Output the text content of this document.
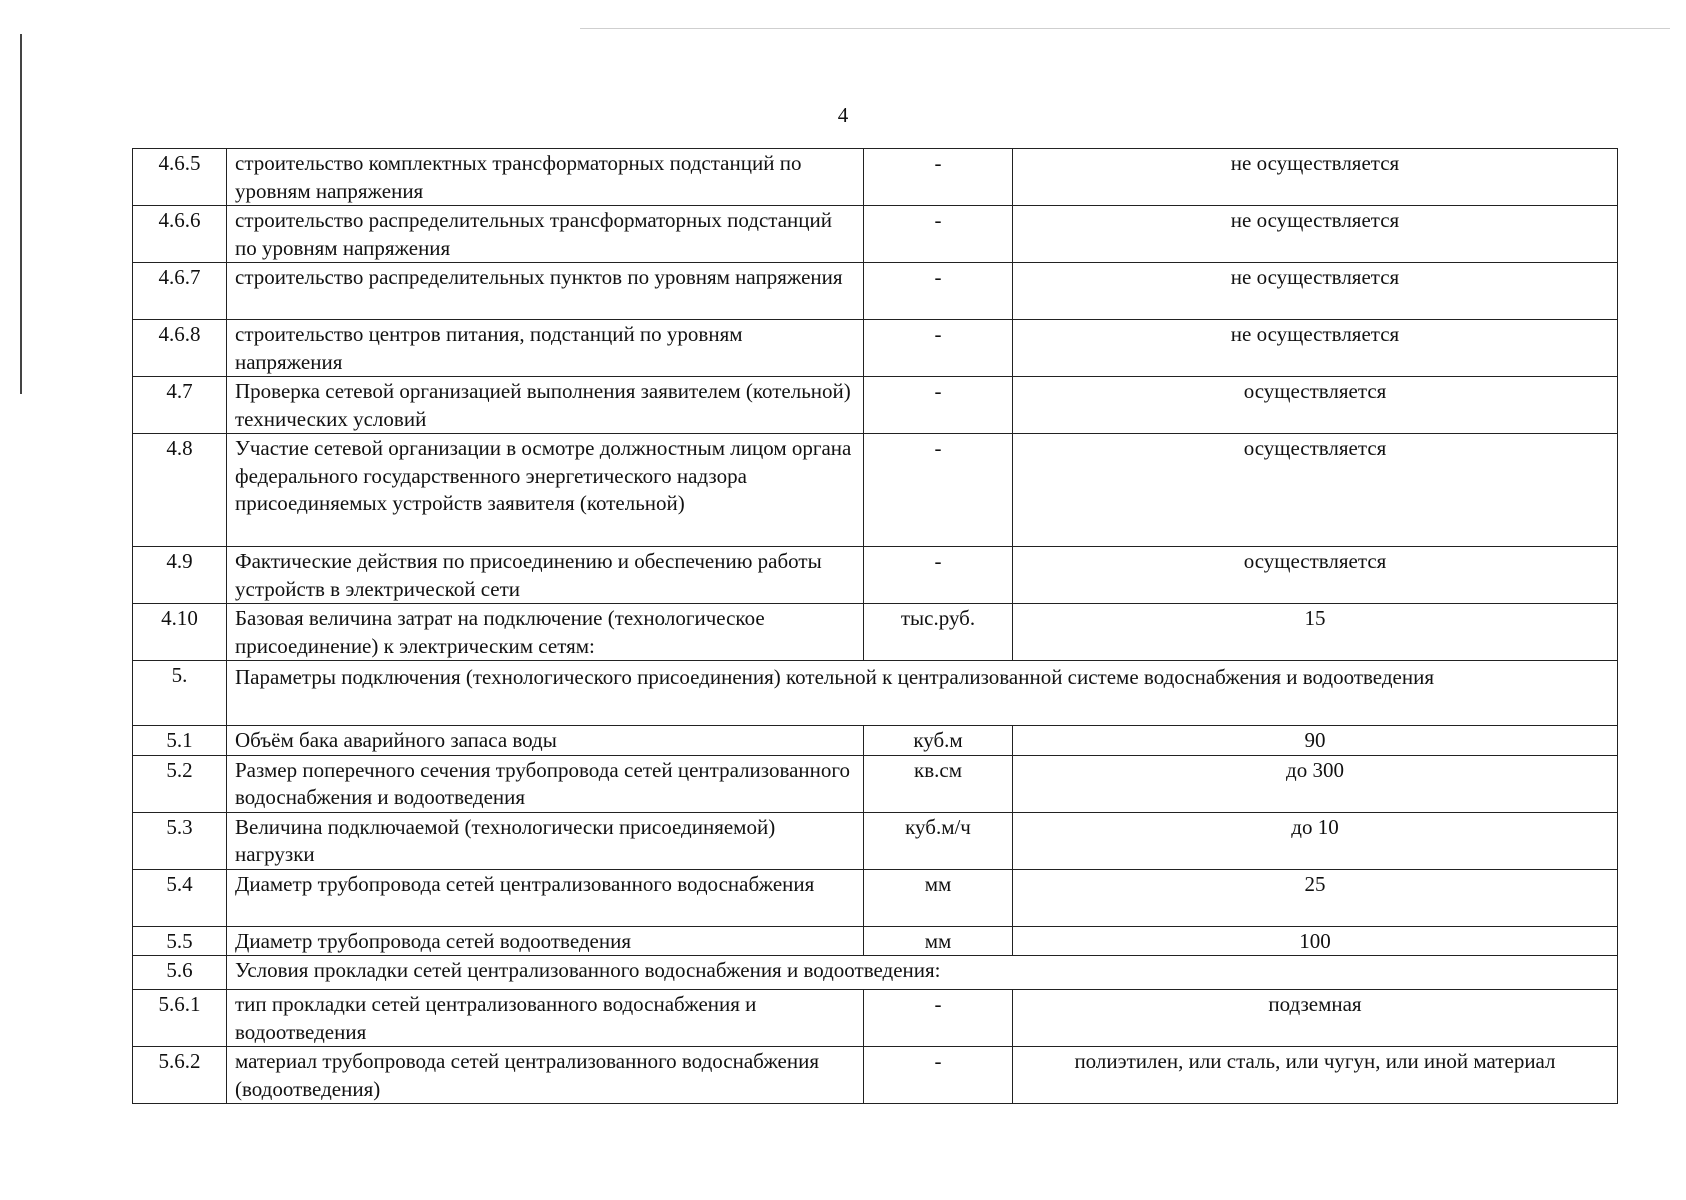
4
4.6.5	строительство комплектных трансформаторных подстанций по уровням напряжения	-	не осуществляется
4.6.6	строительство распределительных трансформаторных подстанций по уровням напряжения	-	не осуществляется
4.6.7	строительство распределительных пунктов по уровням напряжения	-	не осуществляется
4.6.8	строительство центров питания, подстанций по уровням напряжения	-	не осуществляется
4.7	Проверка сетевой организацией выполнения заявителем (котельной) технических условий	-	осуществляется
4.8	Участие сетевой организации в осмотре должностным лицом органа федерального государственного энергетического надзора присоединяемых устройств заявителя (котельной)	-	осуществляется
4.9	Фактические действия по присоединению и обеспечению работы устройств в электрической сети	-	осуществляется
4.10	Базовая величина затрат на подключение (технологическое присоединение) к электрическим сетям:	тыс.руб.	15
5.	Параметры подключения (технологического присоединения) котельной к централизованной системе водоснабжения и водоотведения		
5.1	Объём бака аварийного запаса воды	куб.м	90
5.2	Размер поперечного сечения трубопровода сетей централизованного водоснабжения и водоотведения	кв.см	до 300
5.3	Величина подключаемой (технологически присоединяемой) нагрузки	куб.м/ч	до 10
5.4	Диаметр трубопровода сетей централизованного водоснабжения	мм	25
5.5	Диаметр трубопровода сетей водоотведения	мм	100
5.6	Условия прокладки сетей централизованного водоснабжения и водоотведения:		
5.6.1	тип прокладки сетей централизованного водоснабжения и водоотведения	-	подземная
5.6.2	материал трубопровода сетей централизованного водоснабжения (водоотведения)	-	полиэтилен, или сталь, или чугун, или иной материал
